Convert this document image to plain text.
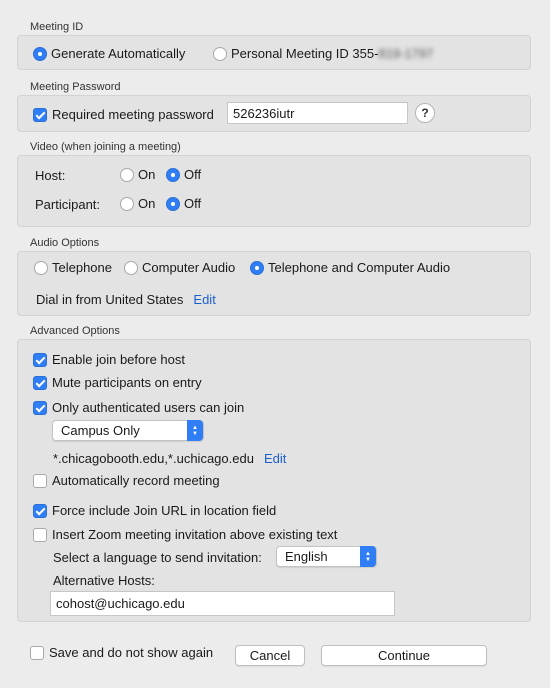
Meeting ID
Generate Automatically	Personal Meeting ID 355- 819-1797
Meeting Password
Required meeting password	526236iutr	?
Video (when joining a meeting)
Host:	On Off
Participant:	On Off
Audio Options
Telephone Computer Audio	Telephone and Computer Audio
Dial in from United States Edit
Advanced Options
Enable join before host
Mute participants on entry
Only authenticated users can join
Campus Only	▲
▼
*.chicagobooth.edu,*.uchicago.edu Edit
Automatically record meeting
Force include Join URL in location field
Insert Zoom meeting invitation above existing text
Select a language to send invitation: English	▲
▼
Alternative Hosts:
cohost@uchicago.edu
Save and do not show again	Cancel	Continue
